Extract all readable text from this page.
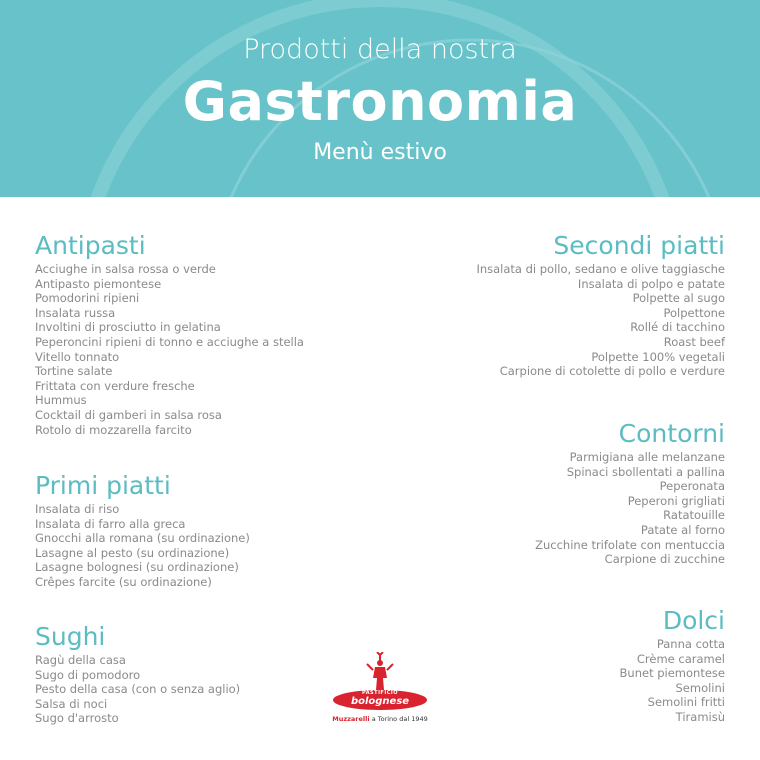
Prodotti della nostra
Gastronomia
Menù estivo
Antipasti
Acciughe in salsa rossa o verde
Antipasto piemontese
Pomodorini ripieni
Insalata russa
Involtini di prosciutto in gelatina
Peperoncini ripieni di tonno e acciughe a stella
Vitello tonnato
Tortine salate
Frittata con verdure fresche
Hummus
Cocktail di gamberi in salsa rosa
Rotolo di mozzarella farcito
Primi piatti
Insalata di riso
Insalata di farro alla greca
Gnocchi alla romana (su ordinazione)
Lasagne al pesto (su ordinazione)
Lasagne bolognesi (su ordinazione)
Crêpes farcite (su ordinazione)
Sughi
Ragù della casa
Sugo di pomodoro
Pesto della casa (con o senza aglio)
Salsa di noci
Sugo d'arrosto
Secondi piatti
Insalata di pollo, sedano e olive taggiasche
Insalata di polpo e patate
Polpette al sugo
Polpettone
Rollé di tacchino
Roast beef
Polpette 100% vegetali
Carpione di cotolette di pollo e verdure
Contorni
Parmigiana alle melanzane
Spinaci sbollentati a pallina
Peperonata
Peperoni grigliati
Ratatouille
Patate al forno
Zucchine trifolate con mentuccia
Carpione di zucchine
Dolci
Panna cotta
Crème caramel
Bunet piemontese
Semolini
Semolini fritti
Tiramisù
PASTIFICIO
bolognese
Muzzarelli a Torino dal 1949
